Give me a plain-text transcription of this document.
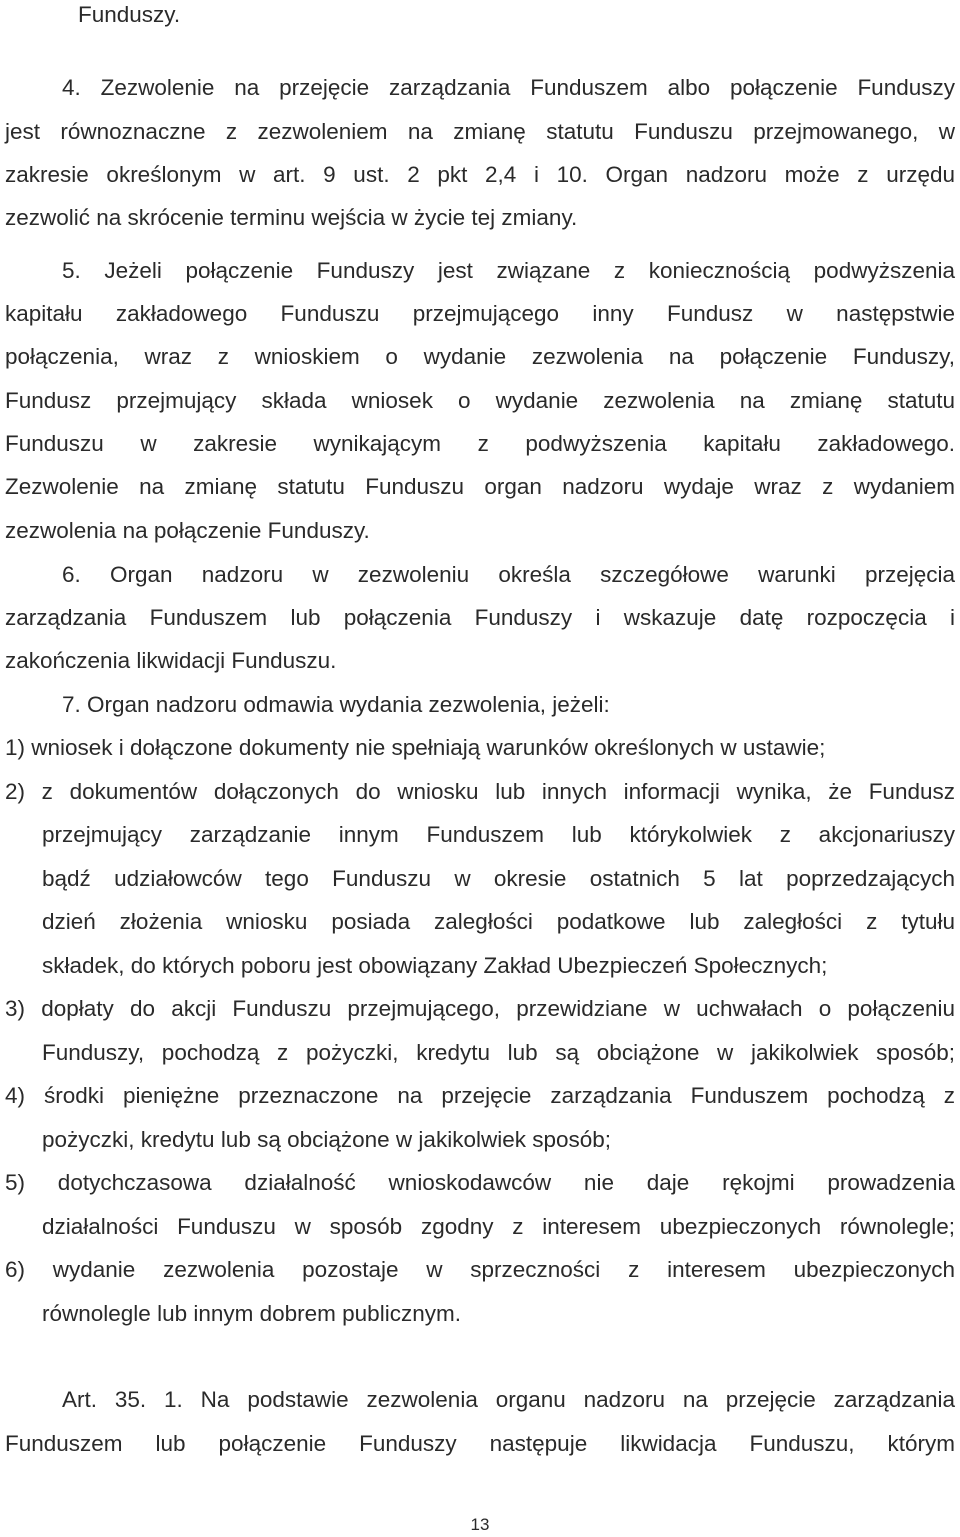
Funduszy.
4. Zezwolenie na przejęcie zarządzania Funduszem albo połączenie Funduszy
jest równoznaczne z zezwoleniem na zmianę statutu Funduszu przejmowanego, w
zakresie określonym w art. 9 ust. 2 pkt 2,4 i 10. Organ nadzoru może z urzędu
zezwolić na skrócenie terminu wejścia w życie tej zmiany.
5. Jeżeli połączenie Funduszy jest związane z koniecznością podwyższenia
kapitału zakładowego Funduszu przejmującego inny Fundusz w następstwie
połączenia, wraz z wnioskiem o wydanie zezwolenia na połączenie Funduszy,
Fundusz przejmujący składa wniosek o wydanie zezwolenia na zmianę statutu
Funduszu w zakresie wynikającym z podwyższenia kapitału zakładowego.
Zezwolenie na zmianę statutu Funduszu organ nadzoru wydaje wraz z wydaniem
zezwolenia na połączenie Funduszy.
6. Organ nadzoru w zezwoleniu określa szczegółowe warunki przejęcia
zarządzania Funduszem lub połączenia Funduszy i wskazuje datę rozpoczęcia i
zakończenia likwidacji Funduszu.
7. Organ nadzoru odmawia wydania zezwolenia, jeżeli:
1) wniosek i dołączone dokumenty nie spełniają warunków określonych w ustawie;
2) z dokumentów dołączonych do wniosku lub innych informacji wynika, że Fundusz
przejmujący zarządzanie innym Funduszem lub którykolwiek z akcjonariuszy
bądź udziałowców tego Funduszu w okresie ostatnich 5 lat poprzedzających
dzień złożenia wniosku posiada zaległości podatkowe lub zaległości z tytułu
składek, do których poboru jest obowiązany Zakład Ubezpieczeń Społecznych;
3) dopłaty do akcji Funduszu przejmującego, przewidziane w uchwałach o połączeniu
Funduszy, pochodzą z pożyczki, kredytu lub są obciążone w jakikolwiek sposób;
4) środki pieniężne przeznaczone na przejęcie zarządzania Funduszem pochodzą z
pożyczki, kredytu lub są obciążone w jakikolwiek sposób;
5) dotychczasowa działalność wnioskodawców nie daje rękojmi prowadzenia
działalności Funduszu w sposób zgodny z interesem ubezpieczonych równolegle;
6) wydanie zezwolenia pozostaje w sprzeczności z interesem ubezpieczonych
równolegle lub innym dobrem publicznym.
Art. 35. 1. Na podstawie zezwolenia organu nadzoru na przejęcie zarządzania
Funduszem lub połączenie Funduszy następuje likwidacja Funduszu, którym
13
